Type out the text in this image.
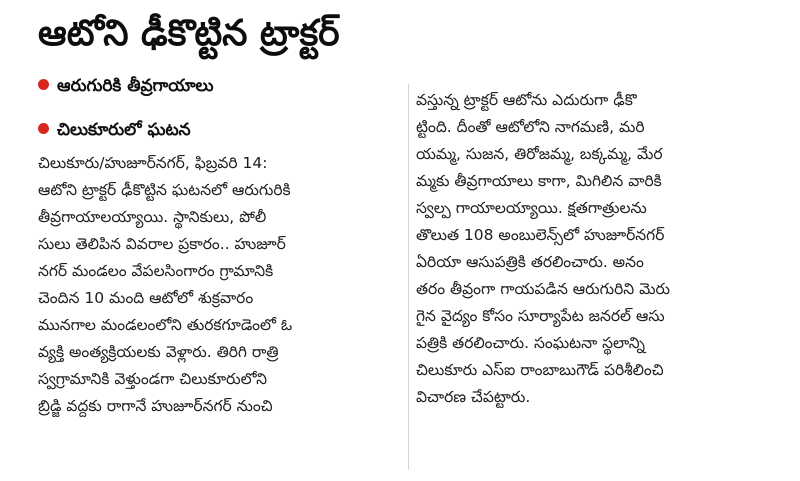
ఆటోని ఢీకొట్టిన ట్రాక్టర్
ఆరుగురికి తీవ్రగాయాలు
చిలుకూరులో ఘటన
చిలుకూరు/హుజూర్‌నగర్, ఫిబ్రవరి 14:
ఆటోని ట్రాక్టర్ ఢీకొట్టిన ఘటనలో ఆరుగురికి
తీవ్రగాయాలయ్యాయి. స్థానికులు, పోలీ
సులు తెలిపిన వివరాల ప్రకారం.. హుజూర్
నగర్ మండలం వేపలసింగారం గ్రామానికి
చెందిన 10 మంది ఆటోలో శుక్రవారం
మునగాల మండలంలోని తురకగూడెంలో ఓ
వ్యక్తి అంత్యక్రియలకు వెళ్లారు. తిరిగి రాత్రి
స్వగ్రామానికి వెళ్తుండగా చిలుకూరులోని
బ్రిడ్జి వద్దకు రాగానే హుజూర్‌నగర్ నుంచి
వస్తున్న ట్రాక్టర్ ఆటోను ఎదురుగా ఢీకొ
ట్టింది. దీంతో ఆటోలోని నాగమణి, మరి
యమ్మ, సుజన, తిరోజమ్మ, బక్కమ్మ, మేర
మ్మకు తీవ్రగాయాలు కాగా, మిగిలిన వారికి
స్వల్ప గాయాలయ్యాయి. క్షతగాత్రులను
తొలుత 108 అంబులెన్స్‌లో హుజూర్‌నగర్
ఏరియా ఆసుపత్రికి తరలించారు. అనం
తరం తీవ్రంగా గాయపడిన ఆరుగురిని మెరు
గైన వైద్యం కోసం సూర్యాపేట జనరల్ ఆసు
పత్రికి తరలించారు. సంఘటనా స్థలాన్ని
చిలుకూరు ఎస్ఐ రాంబాబుగౌడ్ పరిశీలించి
విచారణ చేపట్టారు.
